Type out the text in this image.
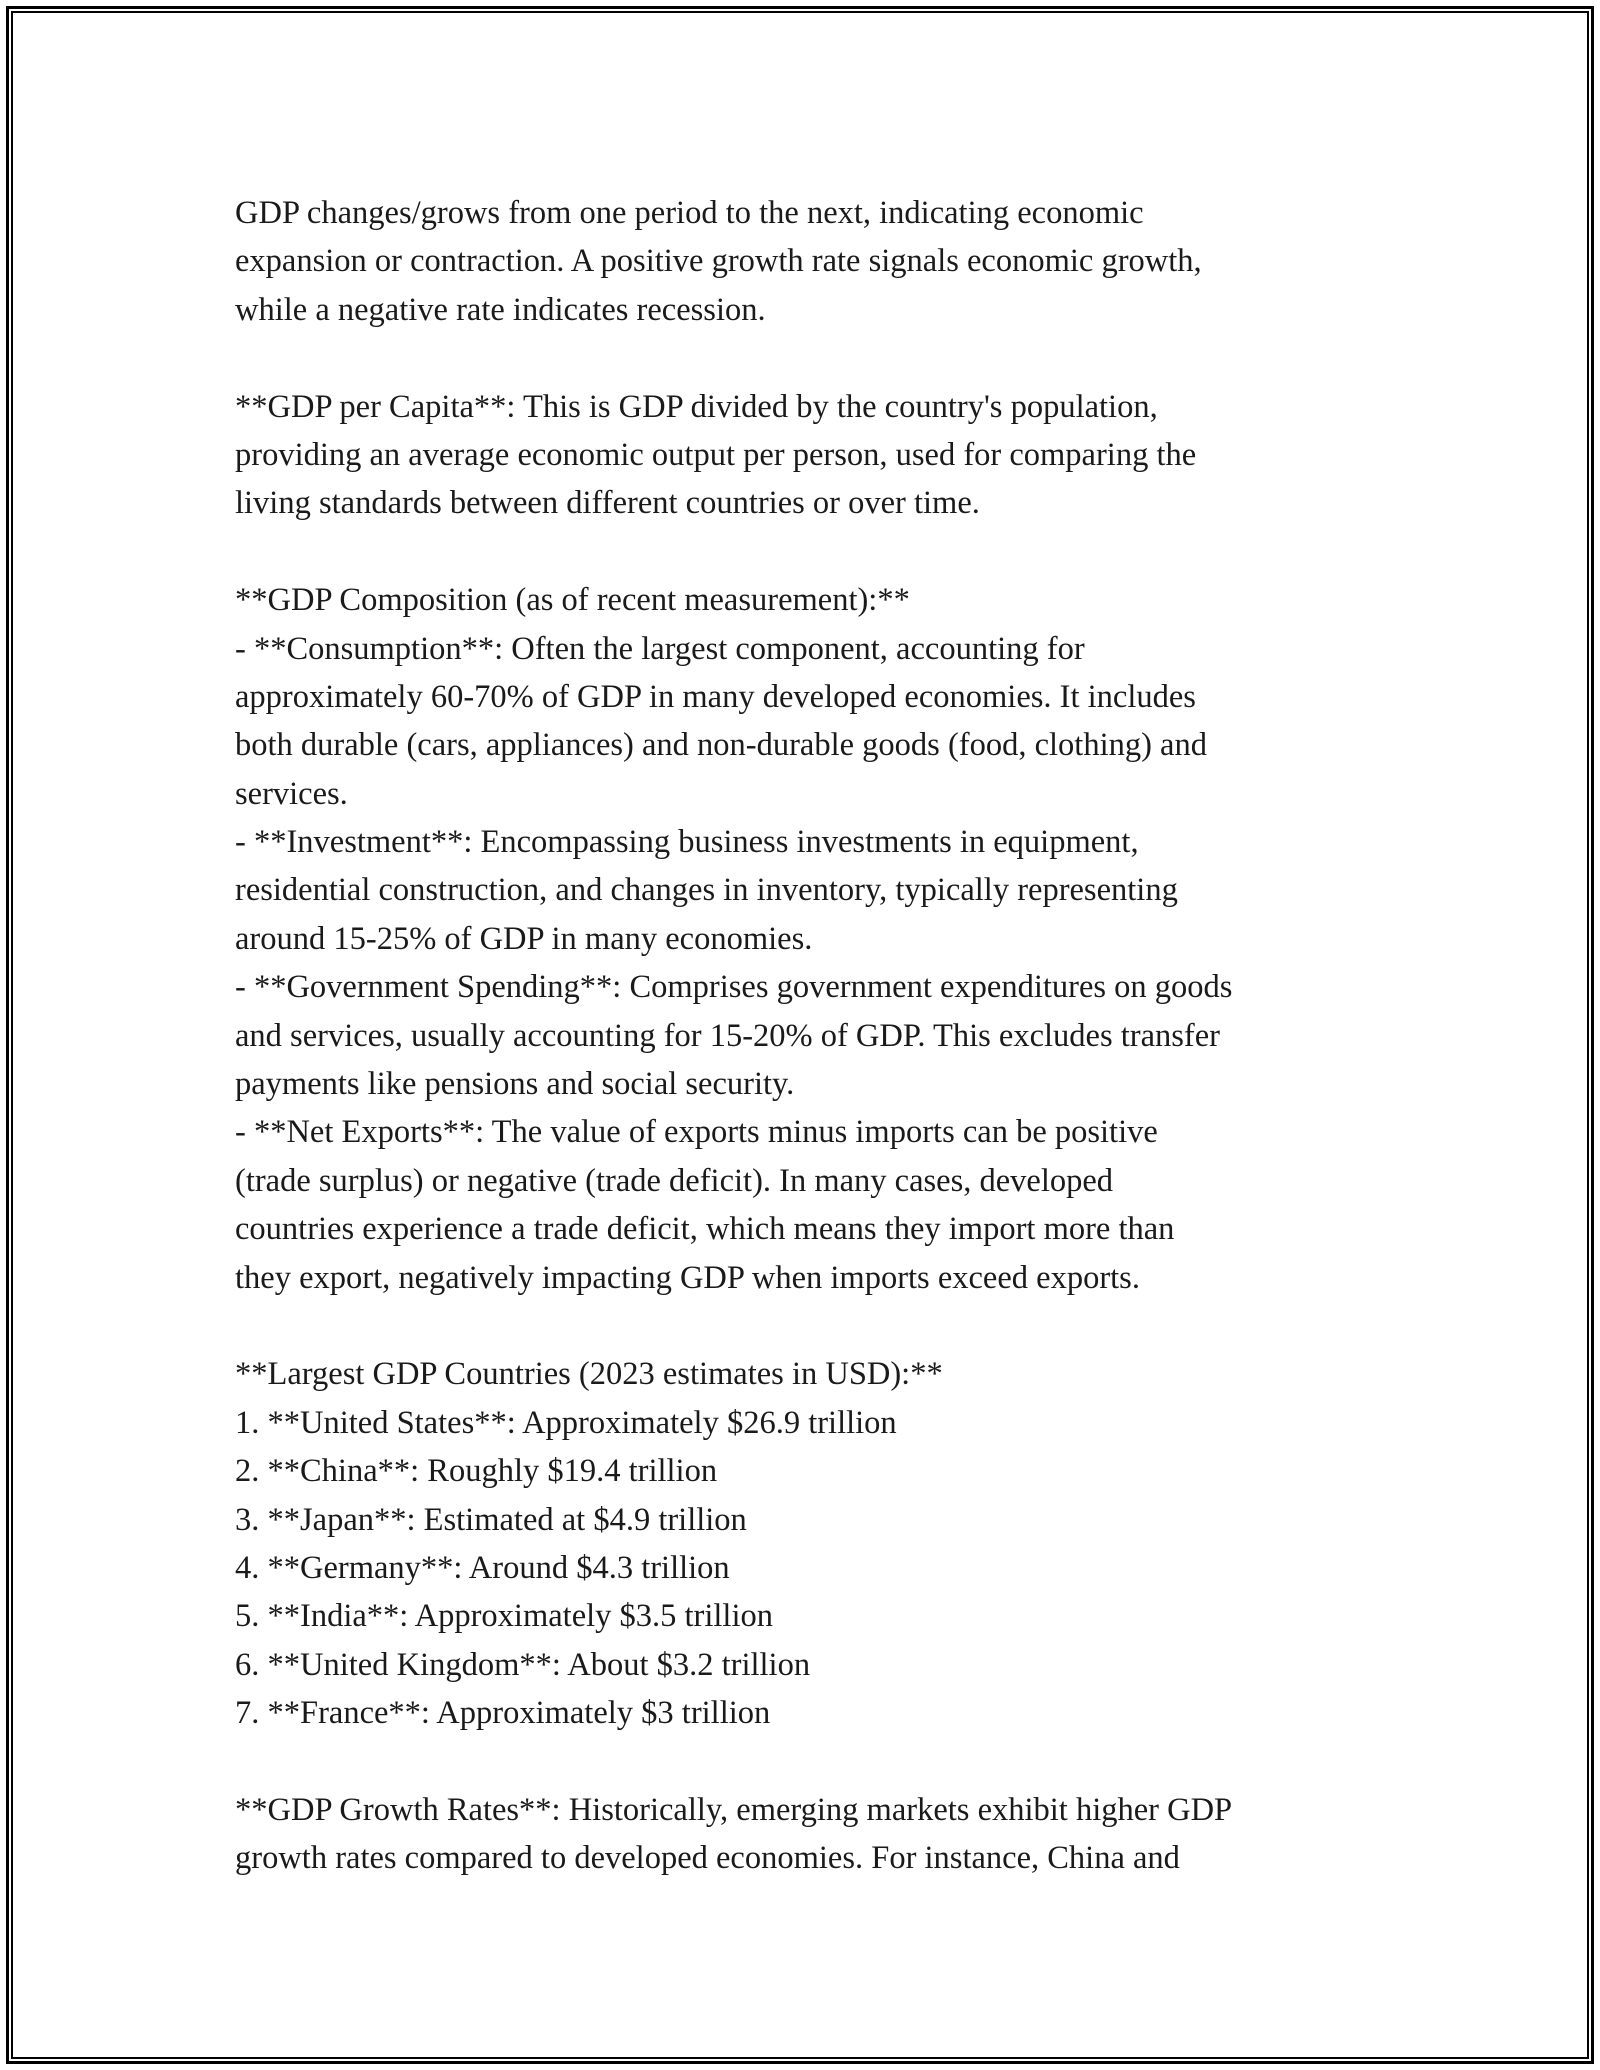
GDP changes/grows from one period to the next, indicating economic
expansion or contraction. A positive growth rate signals economic growth,
while a negative rate indicates recession.
**GDP per Capita**: This is GDP divided by the country's population,
providing an average economic output per person, used for comparing the
living standards between different countries or over time.
**GDP Composition (as of recent measurement):**
- **Consumption**: Often the largest component, accounting for
approximately 60-70% of GDP in many developed economies. It includes
both durable (cars, appliances) and non-durable goods (food, clothing) and
services.
- **Investment**: Encompassing business investments in equipment,
residential construction, and changes in inventory, typically representing
around 15-25% of GDP in many economies.
- **Government Spending**: Comprises government expenditures on goods
and services, usually accounting for 15-20% of GDP. This excludes transfer
payments like pensions and social security.
- **Net Exports**: The value of exports minus imports can be positive
(trade surplus) or negative (trade deficit). In many cases, developed
countries experience a trade deficit, which means they import more than
they export, negatively impacting GDP when imports exceed exports.
**Largest GDP Countries (2023 estimates in USD):**
1. **United States**: Approximately $26.9 trillion
2. **China**: Roughly $19.4 trillion
3. **Japan**: Estimated at $4.9 trillion
4. **Germany**: Around $4.3 trillion
5. **India**: Approximately $3.5 trillion
6. **United Kingdom**: About $3.2 trillion
7. **France**: Approximately $3 trillion
**GDP Growth Rates**: Historically, emerging markets exhibit higher GDP
growth rates compared to developed economies. For instance, China and
